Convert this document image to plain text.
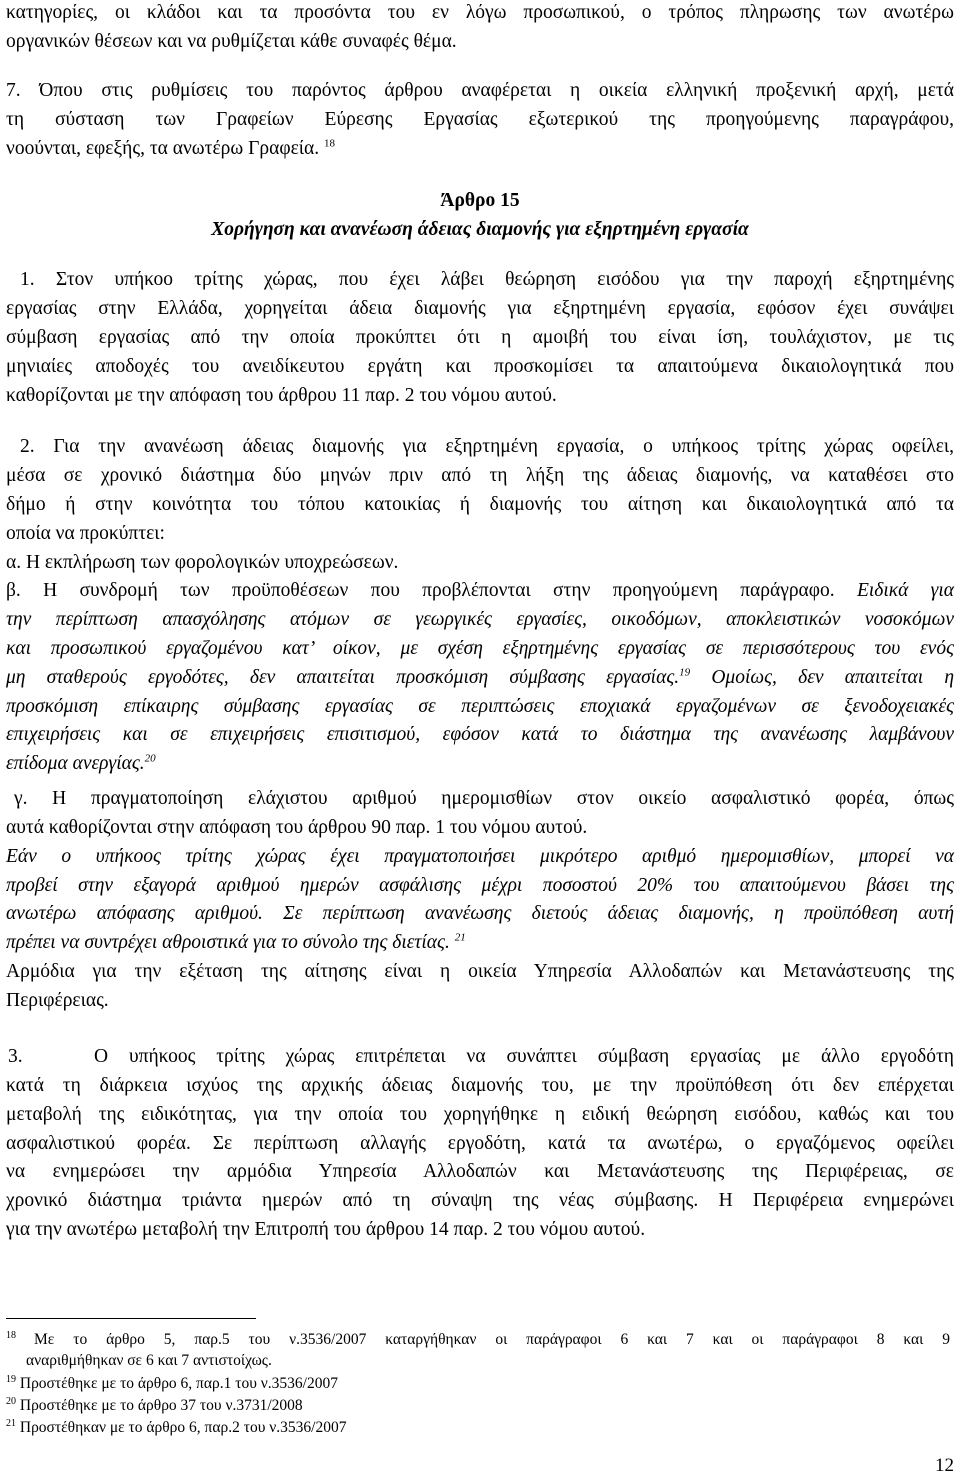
κατηγορίες, οι κλάδοι και τα προσόντα του εν λόγω προσωπικού, ο τρόπος πληρωσης των ανωτέρω
οργανικών θέσεων και να ρυθμίζεται κάθε συναφές θέμα.
7. Όπου στις ρυθμίσεις του παρόντος άρθρου αναφέρεται η οικεία ελληνική προξενική αρχή, μετά
τη σύσταση των Γραφείων Εύρεσης Εργασίας εξωτερικού της προηγούμενης παραγράφου,
νοούνται, εφεξής, τα ανωτέρω Γραφεία. $^{18}$
Άρθρο 15
Χορήγηση και ανανέωση άδειας διαμονής για εξηρτημένη εργασία
1. Στον υπήκοο τρίτης χώρας, που έχει λάβει θεώρηση εισόδου για την παροχή εξηρτημένης
εργασίας στην Ελλάδα, χορηγείται άδεια διαμονής για εξηρτημένη εργασία, εφόσον έχει συνάψει
σύμβαση εργασίας από την οποία προκύπτει ότι η αμοιβή του είναι ίση, τουλάχιστον, με τις
μηνιαίες αποδοχές του ανειδίκευτου εργάτη και προσκομίσει τα απαιτούμενα δικαιολογητικά που
καθορίζονται με την απόφαση του άρθρου 11 παρ. 2 του νόμου αυτού.
2. Για την ανανέωση άδειας διαμονής για εξηρτημένη εργασία, ο υπήκοος τρίτης χώρας οφείλει,
μέσα σε χρονικό διάστημα δύο μηνών πριν από τη λήξη της άδειας διαμονής, να καταθέσει στο
δήμο ή στην κοινότητα του τόπου κατοικίας ή διαμονής του αίτηση και δικαιολογητικά από τα
οποία να προκύπτει:
α. Η εκπλήρωση των φορολογικών υποχρεώσεων.
β. Η συνδρομή των προϋποθέσεων που προβλέπονται στην προηγούμενη παράγραφο. Ειδικά για
την περίπτωση απασχόλησης ατόμων σε γεωργικές εργασίες, οικοδόμων, αποκλειστικών νοσοκόμων
και προσωπικού εργαζομένου κατ’ οίκον, με σχέση εξηρτημένης εργασίας σε περισσότερους του ενός
μη σταθερούς εργοδότες, δεν απαιτείται προσκόμιση σύμβασης εργασίας.$^{19}$ Ομοίως, δεν απαιτείται η
προσκόμιση επίκαιρης σύμβασης εργασίας σε περιπτώσεις εποχιακά εργαζομένων σε ξενοδοχειακές
επιχειρήσεις και σε επιχειρήσεις επισιτισμού, εφόσον κατά το διάστημα της ανανέωσης λαμβάνουν
επίδομα ανεργίας.$^{20}$
γ. Η πραγματοποίηση ελάχιστου αριθμού ημερομισθίων στον οικείο ασφαλιστικό φορέα, όπως
αυτά καθορίζονται στην απόφαση του άρθρου 90 παρ. 1 του νόμου αυτού.
Εάν ο υπήκοος τρίτης χώρας έχει πραγματοποιήσει μικρότερο αριθμό ημερομισθίων, μπορεί να
προβεί στην εξαγορά αριθμού ημερών ασφάλισης μέχρι ποσοστού 20% του απαιτούμενου βάσει της
ανωτέρω απόφασης αριθμού. Σε περίπτωση ανανέωσης διετούς άδειας διαμονής, η προϋπόθεση αυτή
πρέπει να συντρέχει αθροιστικά για το σύνολο της διετίας. $^{21}$
Αρμόδια για την εξέταση της αίτησης είναι η οικεία Υπηρεσία Αλλοδαπών και Μετανάστευσης της
Περιφέρειας.
Ο υπήκοος τρίτης χώρας επιτρέπεται να συνάπτει σύμβαση εργασίας με άλλο εργοδότη
3.
κατά τη διάρκεια ισχύος της αρχικής άδειας διαμονής του, με την προϋπόθεση ότι δεν επέρχεται
μεταβολή της ειδικότητας, για την οποία του χορηγήθηκε η ειδική θεώρηση εισόδου, καθώς και του
ασφαλιστικού φορέα. Σε περίπτωση αλλαγής εργοδότη, κατά τα ανωτέρω, ο εργαζόμενος οφείλει
να ενημερώσει την αρμόδια Υπηρεσία Αλλοδαπών και Μετανάστευσης της Περιφέρειας, σε
χρονικό διάστημα τριάντα ημερών από τη σύναψη της νέας σύμβασης. Η Περιφέρεια ενημερώνει
για την ανωτέρω μεταβολή την Επιτροπή του άρθρου 14 παρ. 2 του νόμου αυτού.
$^{18}$ Με το άρθρο 5, παρ.5 του ν.3536/2007 καταργήθηκαν οι παράγραφοι 6 και 7 και οι παράγραφοι 8 και 9
αναριθμήθηκαν σε 6 και 7 αντιστοίχως.
$^{19}$ Προστέθηκε με το άρθρο 6, παρ.1 του ν.3536/2007
$^{20}$ Προστέθηκε με το άρθρο 37 του ν.3731/2008
$^{21}$ Προστέθηκαν με το άρθρο 6, παρ.2 του ν.3536/2007
12
